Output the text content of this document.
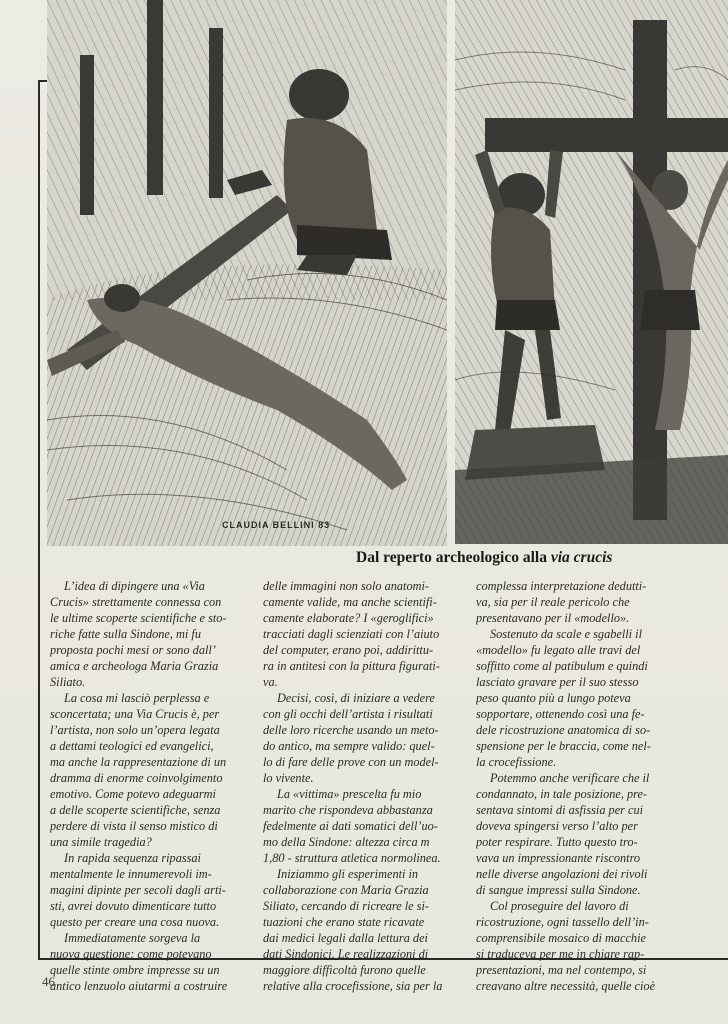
CLAUDIA BELLINI 83
Dal reperto archeologico alla via crucis
L’idea di dipingere una «Via
Crucis» strettamente connessa con
le ultime scoperte scientifiche e sto-
riche fatte sulla Sindone, mi fu
proposta pochi mesi or sono dall’
amica e archeologa Maria Grazia
Siliato.
La cosa mi lasciò perplessa e
sconcertata; una Via Crucis è, per
l’artista, non solo un’opera legata
a dettami teologici ed evangelici,
ma anche la rappresentazione di un
dramma di enorme coinvolgimento
emotivo. Come potevo adeguarmi
a delle scoperte scientifiche, senza
perdere di vista il senso mistico di
una simile tragedia?
In rapida sequenza ripassai
mentalmente le innumerevoli im-
magini dipinte per secoli dagli arti-
sti, avrei dovuto dimenticare tutto
questo per creare una cosa nuova.
Immediatamente sorgeva la
nuova questione: come potevano
quelle stinte ombre impresse su un
antico lenzuolo aiutarmi a costruire
delle immagini non solo anatomi-
camente valide, ma anche scientifi-
camente elaborate? I «geroglifici»
tracciati dagli scienziati con l’aiuto
del computer, erano poi, addirittu-
ra in antitesi con la pittura figurati-
va.
Decisi, così, di iniziare a vedere
con gli occhi dell’artista i risultati
delle loro ricerche usando un meto-
do antico, ma sempre valido: quel-
lo di fare delle prove con un model-
lo vivente.
La «vittima» prescelta fu mio
marito che rispondeva abbastanza
fedelmente ai dati somatici dell’uo-
mo della Sindone: altezza circa m
1,80 - struttura atletica normolinea.
Iniziammo gli esperimenti in
collaborazione con Maria Grazia
Siliato, cercando di ricreare le si-
tuazioni che erano state ricavate
dai medici legali dalla lettura dei
dati Sindonici. Le realizzazioni di
maggiore difficoltà furono quelle
relative alla crocefissione, sia per la
complessa interpretazione dedutti-
va, sia per il reale pericolo che
presentavano per il «modello».
Sostenuto da scale e sgabelli il
«modello» fu legato alle travi del
soffitto come al patibulum e quindi
lasciato gravare per il suo stesso
peso quanto più a lungo poteva
sopportare, ottenendo così una fe-
dele ricostruzione anatomica di so-
spensione per le braccia, come nel-
la crocefissione.
Potemmo anche verificare che il
condannato, in tale posizione, pre-
sentava sintomi di asfissia per cui
doveva spingersi verso l’alto per
poter respirare. Tutto questo tro-
vava un impressionante riscontro
nelle diverse angolazioni dei rivoli
di sangue impressi sulla Sindone.
Col proseguire del lavoro di
ricostruzione, ogni tassello dell’in-
comprensibile mosaico di macchie
si traduceva per me in chiare rap-
presentazioni, ma nel contempo, si
creavano altre necessità, quelle cioè
46
